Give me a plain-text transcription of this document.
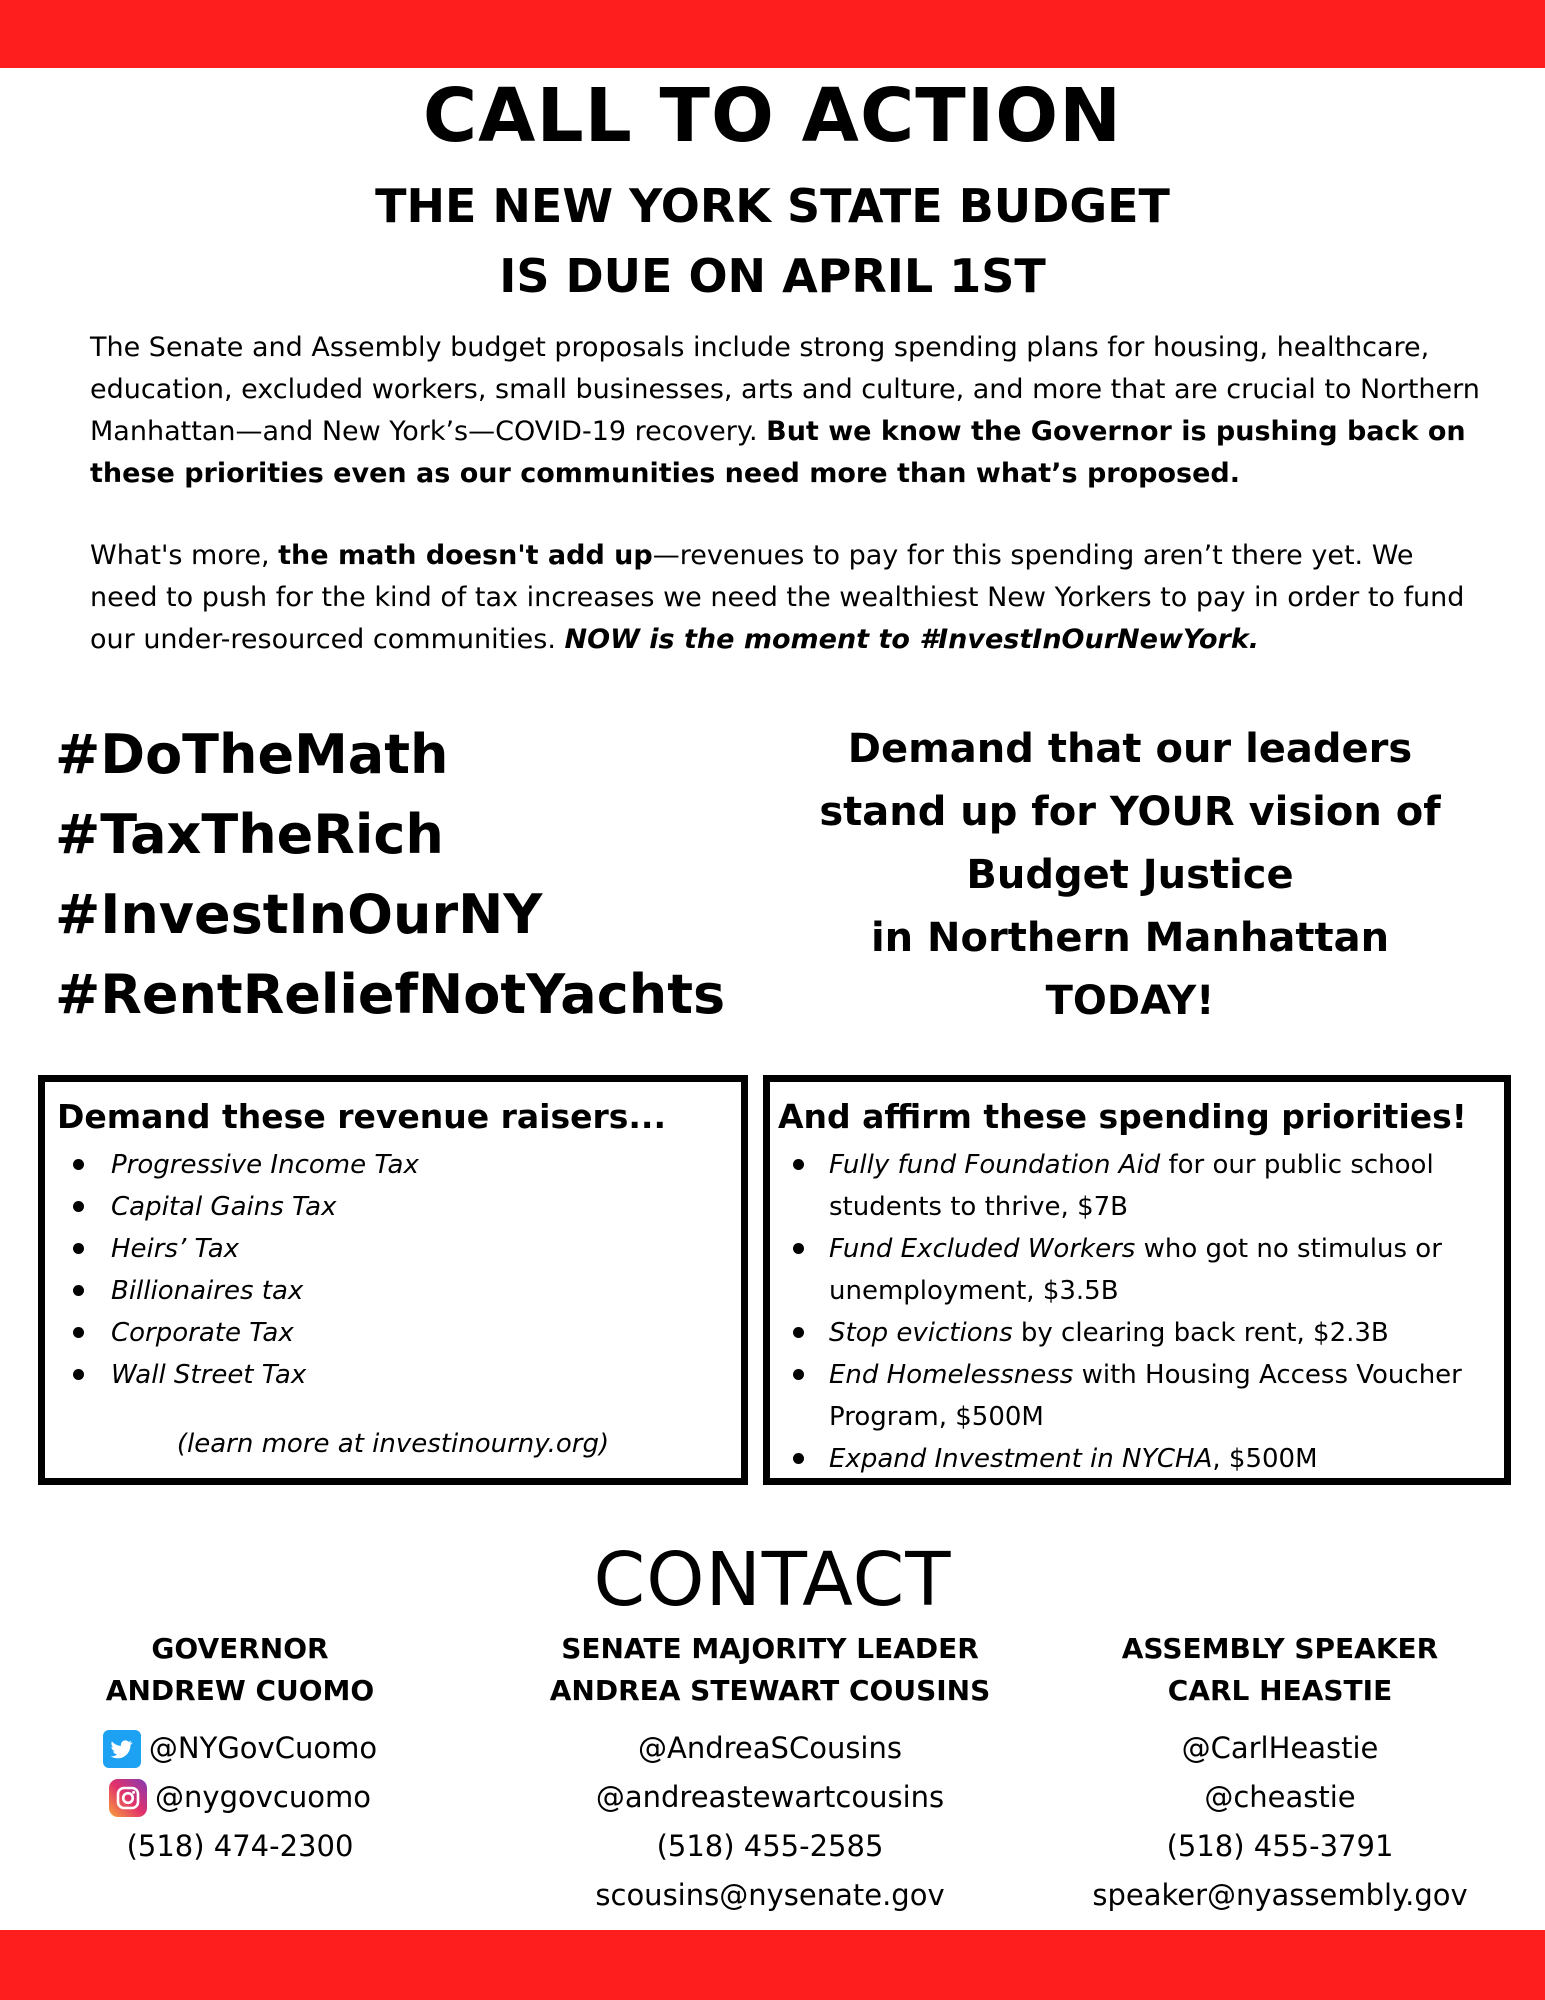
CALL TO ACTION
THE NEW YORK STATE BUDGET
IS DUE ON APRIL 1ST
The Senate and Assembly budget proposals include strong spending plans for housing, healthcare, education, excluded workers, small businesses, arts and culture, and more that are crucial to Northern Manhattan—and New York’s—COVID-19 recovery. But we know the Governor is pushing back on these priorities even as our communities need more than what’s proposed.
What's more, the math doesn't add up—revenues to pay for this spending aren’t there yet. We need to push for the kind of tax increases we need the wealthiest New Yorkers to pay in order to fund our under-resourced communities. NOW is the moment to #InvestInOurNewYork.
#DoTheMath
#TaxTheRich
#InvestInOurNY
#RentReliefNotYachts
Demand that our leaders
stand up for YOUR vision of
Budget Justice
in Northern Manhattan
TODAY!
Demand these revenue raisers...
Progressive Income Tax
Capital Gains Tax
Heirs’ Tax
Billionaires tax
Corporate Tax
Wall Street Tax
(learn more at investinourny.org)
And affirm these spending priorities!
Fully fund Foundation Aid for our public school students to thrive, $7B
Fund Excluded Workers who got no stimulus or unemployment, $3.5B
Stop evictions by clearing back rent, $2.3B
End Homelessness with Housing Access Voucher Program, $500M
Expand Investment in NYCHA, $500M
CONTACT
GOVERNOR
ANDREW CUOMO
@NYGovCuomo
@nygovcuomo
(518) 474-2300
SENATE MAJORITY LEADER
ANDREA STEWART COUSINS
@AndreaSCousins
@andreastewartcousins
(518) 455-2585
scousins@nysenate.gov
ASSEMBLY SPEAKER
CARL HEASTIE
@CarlHeastie
@cheastie
(518) 455-3791
speaker@nyassembly.gov
